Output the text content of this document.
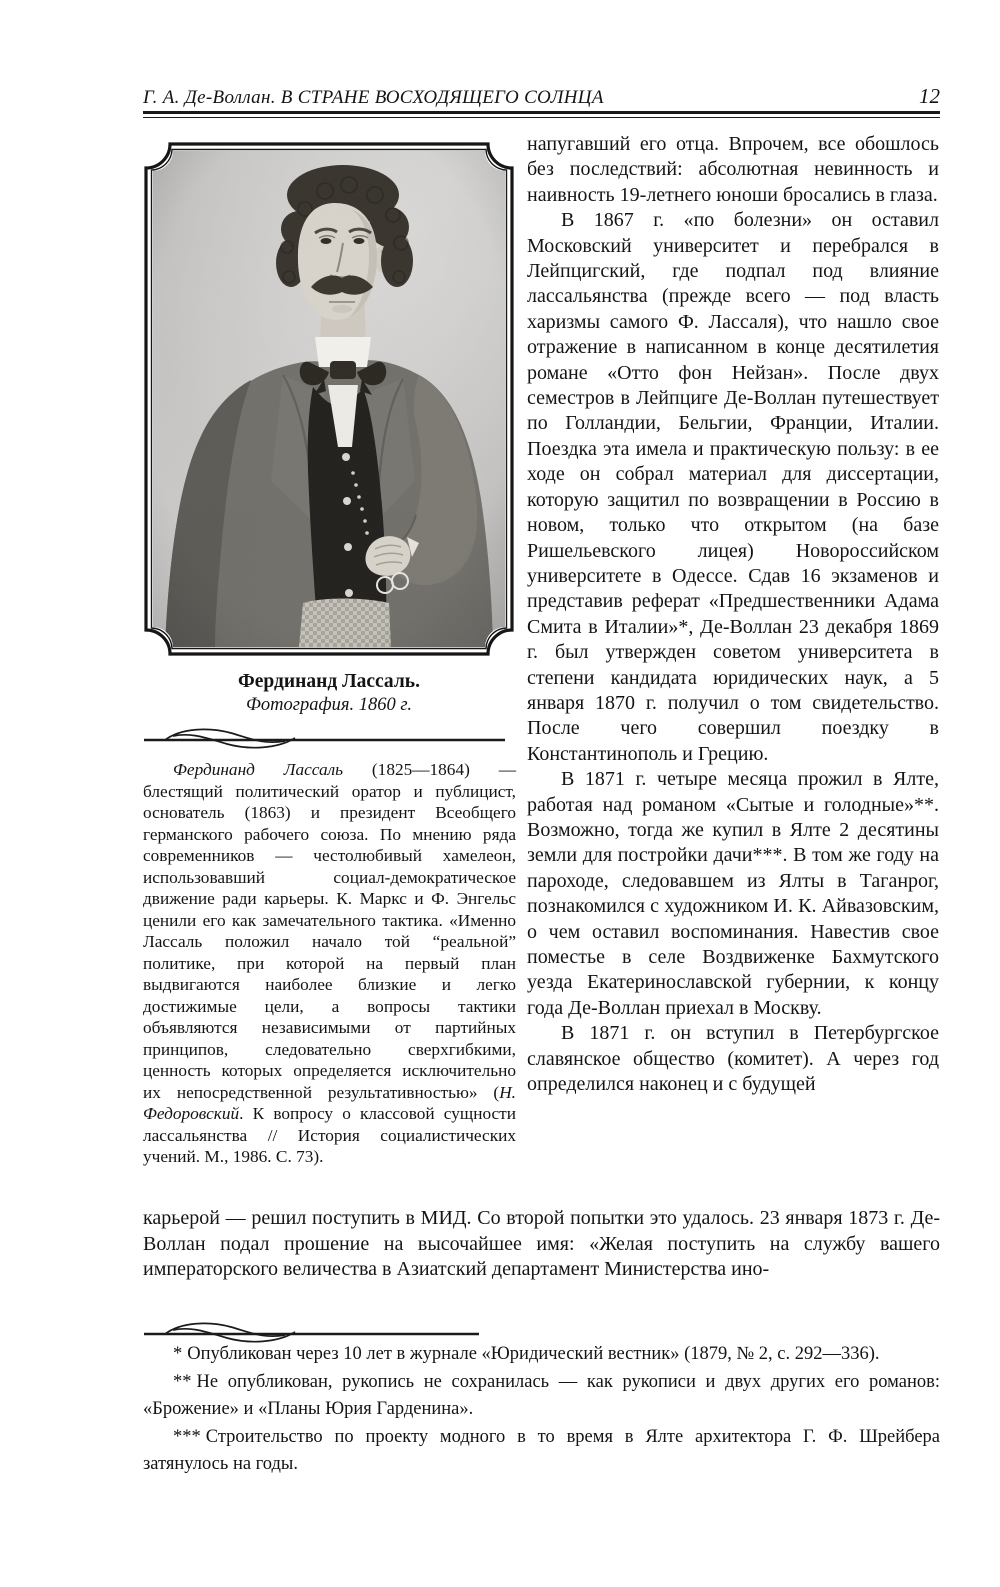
Г. А. Де-Воллан. В СТРАНЕ ВОСХОДЯЩЕГО СОЛНЦА	12
Фердинанд Лассаль.
Фотография. 1860 г.

Фердинанд Лассаль (1825—1864) — блестящий политический оратор и публицист, основатель (1863) и президент Всеобщего германского рабочего союза. По мнению ряда современников — честолюбивый хамелеон, использовавший социал-демократическое движение ради карьеры. К. Маркс и Ф. Энгельс ценили его как замечательного тактика. «Именно Лассаль положил начало той “реальной” политике, при которой на первый план выдвигаются наиболее близкие и легко достижимые цели, а вопросы тактики объявляются независимыми от партийных принципов, следовательно сверхгибкими, ценность которых определяется исключительно их непосредственной результативностью» (Н. Федоровский. К вопросу о классовой сущности лассальянства // История социалистических учений. М., 1986. С. 73).

напугавший его отца. Впрочем, все обошлось без последствий: абсолютная невинность и наивность 19-летнего юноши бросались в глаза.

В 1867 г. «по болезни» он оставил Московский университет и перебрался в Лейпцигский, где подпал под влияние лассальянства (прежде всего — под власть харизмы самого Ф. Лассаля), что нашло свое отражение в написанном в конце десятилетия романе «Отто фон Нейзан». После двух семестров в Лейпциге Де-Воллан путешествует по Голландии, Бельгии, Франции, Италии. Поездка эта имела и практическую пользу: в ее ходе он собрал материал для диссертации, которую защитил по возвращении в Россию в новом, только что открытом (на базе Ришельевского лицея) Новороссийском университете в Одессе. Сдав 16 экзаменов и представив реферат «Предшественники Адама Смита в Италии»*, Де-Воллан 23 декабря 1869 г. был утвержден советом университета в степени кандидата юридических наук, а 5 января 1870 г. получил о том свидетельство. После чего совершил поездку в Константинополь и Грецию.

В 1871 г. четыре месяца прожил в Ялте, работая над романом «Сытые и голодные»**. Возможно, тогда же купил в Ялте 2 десятины земли для постройки дачи***. В том же году на пароходе, следовавшем из Ялты в Таганрог, познакомился с художником И. К. Айвазовским, о чем оставил воспоминания. Навестив свое поместье в селе Воздвиженке Бахмутского уезда Екатеринославской губернии, к концу года Де-Воллан приехал в Москву.

В 1871 г. он вступил в Петербургское славянское общество (комитет). А через год определился наконец и с будущей

карьерой — решил поступить в МИД. Со второй попытки это удалось. 23 января 1873 г. Де-Воллан подал прошение на высочайшее имя: «Желая поступить на службу вашего императорского величества в Азиатский департамент Министерства ино-

* Опубликован через 10 лет в журнале «Юридический вестник» (1879, № 2, с. 292—336).

** Не опубликован, рукопись не сохранилась — как рукописи и двух других его романов: «Брожение» и «Планы Юрия Гарденина».

*** Строительство по проекту модного в то время в Ялте архитектора Г. Ф. Шрейбера затянулось на годы.
